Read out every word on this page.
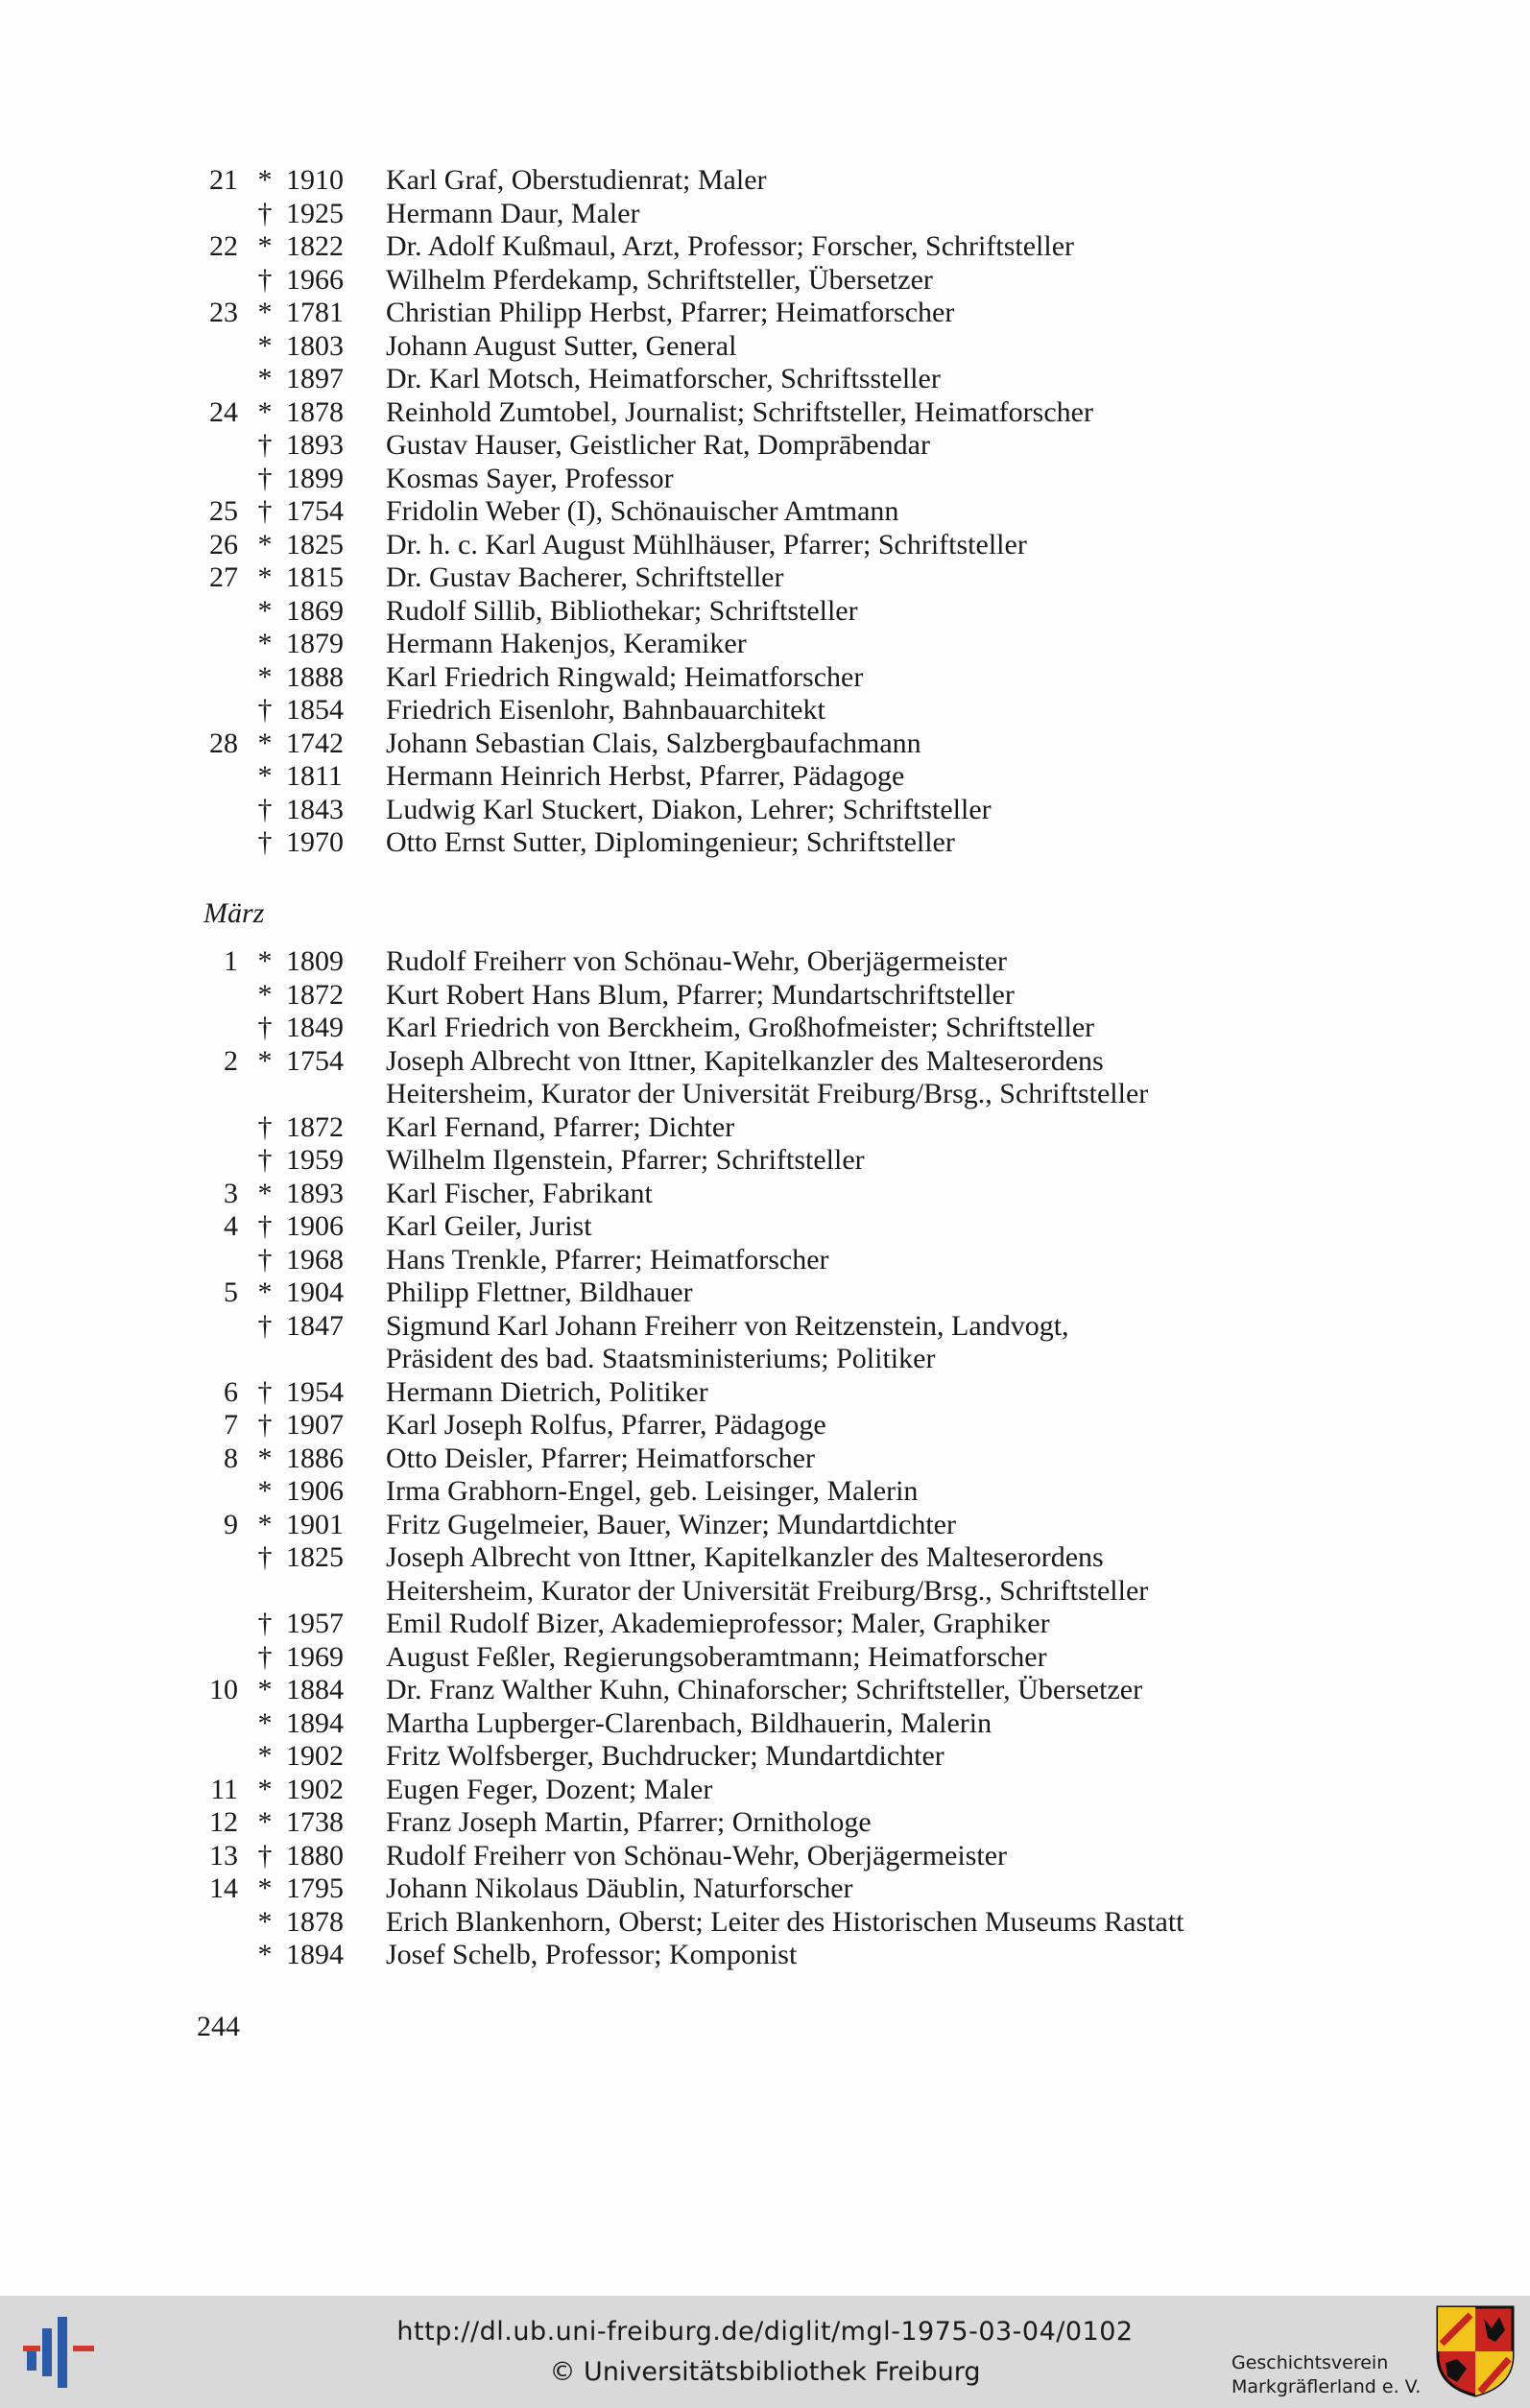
21 * 1910	Karl Graf, Oberstudienrat; Maler
† 1925	Hermann Daur, Maler
22 * 1822	Dr. Adolf Kußmaul, Arzt, Professor; Forscher, Schriftsteller
† 1966	Wilhelm Pferdekamp, Schriftsteller, Übersetzer
23 * 1781	Christian Philipp Herbst, Pfarrer; Heimatforscher
* 1803	Johann August Sutter, General
* 1897	Dr. Karl Motsch, Heimatforscher, Schriftssteller
24 * 1878	Reinhold Zumtobel, Journalist; Schriftsteller, Heimatforscher
† 1893	Gustav Hauser, Geistlicher Rat, Domprābendar
† 1899	Kosmas Sayer, Professor
25 † 1754	Fridolin Weber (I), Schönauischer Amtmann
26 * 1825	Dr. h. c. Karl August Mühlhäuser, Pfarrer; Schriftsteller
27 * 1815	Dr. Gustav Bacherer, Schriftsteller
* 1869	Rudolf Sillib, Bibliothekar; Schriftsteller
* 1879	Hermann Hakenjos, Keramiker
* 1888	Karl Friedrich Ringwald; Heimatforscher
† 1854	Friedrich Eisenlohr, Bahnbauarchitekt
28 * 1742	Johann Sebastian Clais, Salzbergbaufachmann
* 1811	Hermann Heinrich Herbst, Pfarrer, Pädagoge
† 1843	Ludwig Karl Stuckert, Diakon, Lehrer; Schriftsteller
† 1970	Otto Ernst Sutter, Diplomingenieur; Schriftsteller
März
1 * 1809	Rudolf Freiherr von Schönau-Wehr, Oberjägermeister
* 1872	Kurt Robert Hans Blum, Pfarrer; Mundartschriftsteller
† 1849	Karl Friedrich von Berckheim, Großhofmeister; Schriftsteller
2 * 1754	Joseph Albrecht von Ittner, Kapitelkanzler des Malteserordens
Heitersheim, Kurator der Universität Freiburg/Brsg., Schriftsteller
† 1872	Karl Fernand, Pfarrer; Dichter
† 1959	Wilhelm Ilgenstein, Pfarrer; Schriftsteller
3 * 1893	Karl Fischer, Fabrikant
4 † 1906	Karl Geiler, Jurist
† 1968	Hans Trenkle, Pfarrer; Heimatforscher
5 * 1904	Philipp Flettner, Bildhauer
† 1847	Sigmund Karl Johann Freiherr von Reitzenstein, Landvogt,
Präsident des bad. Staatsministeriums; Politiker
6 † 1954	Hermann Dietrich, Politiker
7 † 1907	Karl Joseph Rolfus, Pfarrer, Pädagoge
8 * 1886	Otto Deisler, Pfarrer; Heimatforscher
* 1906	Irma Grabhorn-Engel, geb. Leisinger, Malerin
9 * 1901	Fritz Gugelmeier, Bauer, Winzer; Mundartdichter
† 1825	Joseph Albrecht von Ittner, Kapitelkanzler des Malteserordens
Heitersheim, Kurator der Universität Freiburg/Brsg., Schriftsteller
† 1957	Emil Rudolf Bizer, Akademieprofessor; Maler, Graphiker
† 1969	August Feßler, Regierungsoberamtmann; Heimatforscher
10 * 1884	Dr. Franz Walther Kuhn, Chinaforscher; Schriftsteller, Übersetzer
* 1894	Martha Lupberger-Clarenbach, Bildhauerin, Malerin
* 1902	Fritz Wolfsberger, Buchdrucker; Mundartdichter
11 * 1902	Eugen Feger, Dozent; Maler
12 * 1738	Franz Joseph Martin, Pfarrer; Ornithologe
13 † 1880	Rudolf Freiherr von Schönau-Wehr, Oberjägermeister
14 * 1795	Johann Nikolaus Däublin, Naturforscher
* 1878	Erich Blankenhorn, Oberst; Leiter des Historischen Museums Rastatt
* 1894	Josef Schelb, Professor; Komponist
244
http://dl.ub.uni-freiburg.de/diglit/mgl-1975-03-04/0102
© Universitätsbibliothek Freiburg	Geschichtsverein
Markgräflerland e. V.
